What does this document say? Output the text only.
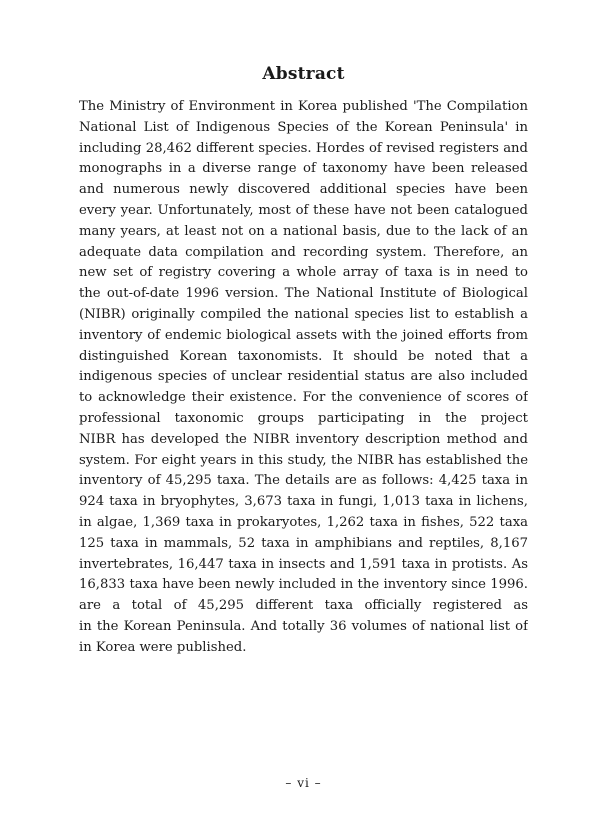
Abstract
The Ministry of Environment in Korea published 'The Compilation
National List of Indigenous Species of the Korean Peninsula' in
including 28,462 different species. Hordes of revised registers and
monographs in a diverse range of taxonomy have been released
and numerous newly discovered additional species have been
every year. Unfortunately, most of these have not been catalogued
many years, at least not on a national basis, due to the lack of an
adequate data compilation and recording system. Therefore, an
new set of registry covering a whole array of taxa is in need to
the out-of-date 1996 version. The National Institute of Biological
(NIBR) originally compiled the national species list to establish a
inventory of endemic biological assets with the joined efforts from
distinguished Korean taxonomists. It should be noted that a
indigenous species of unclear residential status are also included
to acknowledge their existence. For the convenience of scores of
professional taxonomic groups participating in the project
NIBR has developed the NIBR inventory description method and
system. For eight years in this study, the NIBR has established the
inventory of 45,295 taxa. The details are as follows: 4,425 taxa in
924 taxa in bryophytes, 3,673 taxa in fungi, 1,013 taxa in lichens,
in algae, 1,369 taxa in prokaryotes, 1,262 taxa in fishes, 522 taxa
125 taxa in mammals, 52 taxa in amphibians and reptiles, 8,167
invertebrates, 16,447 taxa in insects and 1,591 taxa in protists. As
16,833 taxa have been newly included in the inventory since 1996.
are a total of 45,295 different taxa officially registered as
in the Korean Peninsula. And totally 36 volumes of national list of
in Korea were published.
– vi –
